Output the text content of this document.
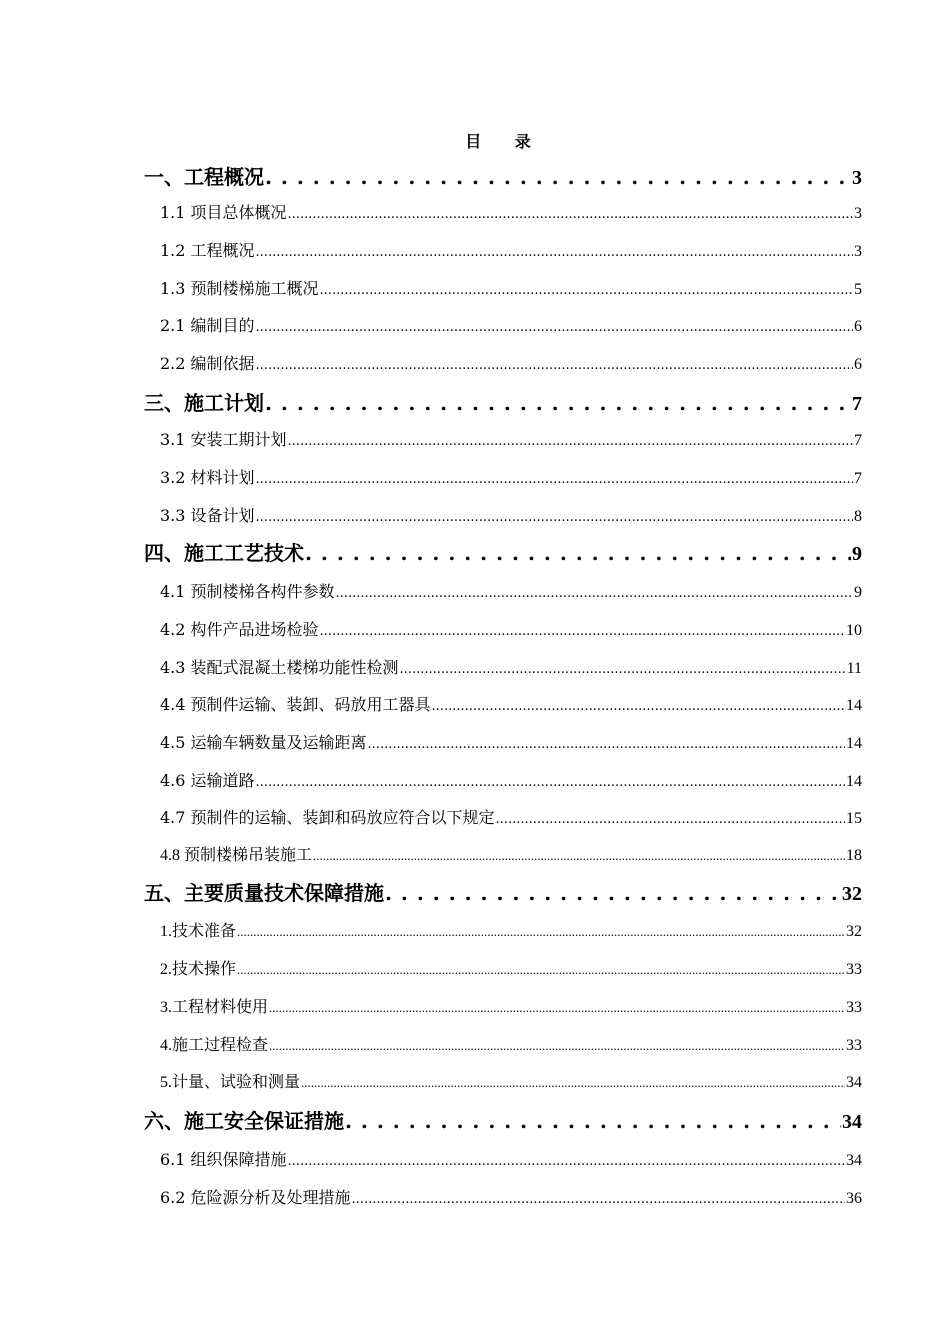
目 录
一、工程概况 . . .	3
1.1 项目总体概况 .....	3
1.2 工程概况 .....	3
1.3 预制楼梯施工概况 .....	5
2.1 编制目的 .....	6
2.2 编制依据 .....	6
三、施工计划 . . .	7
3.1 安装工期计划 .....	7
3.2 材料计划 .....	7
3.3 设备计划 .....	8
四、施工工艺技术 . . .	9
4.1 预制楼梯各构件参数 .....	9
4.2 构件产品进场检验 .....	10
4.3 装配式混凝土楼梯功能性检测 .....	11
4.4 预制件运输、装卸、码放用工器具 .....	14
4.5 运输车辆数量及运输距离 .....	14
4.6 运输道路 .....	14
4.7 预制件的运输、装卸和码放应符合以下规定 .....	15
4.8 预制楼梯吊装施工 .....	18
五、主要质量技术保障措施 . . .	32
1.技术准备 .....	32
2.技术操作 .....	33
3.工程材料使用 .....	33
4.施工过程检查 .....	33
5.计量、试验和测量 .....	34
六、施工安全保证措施 . . .	34
6.1 组织保障措施 .....	34
6.2 危险源分析及处理措施 .....	36
